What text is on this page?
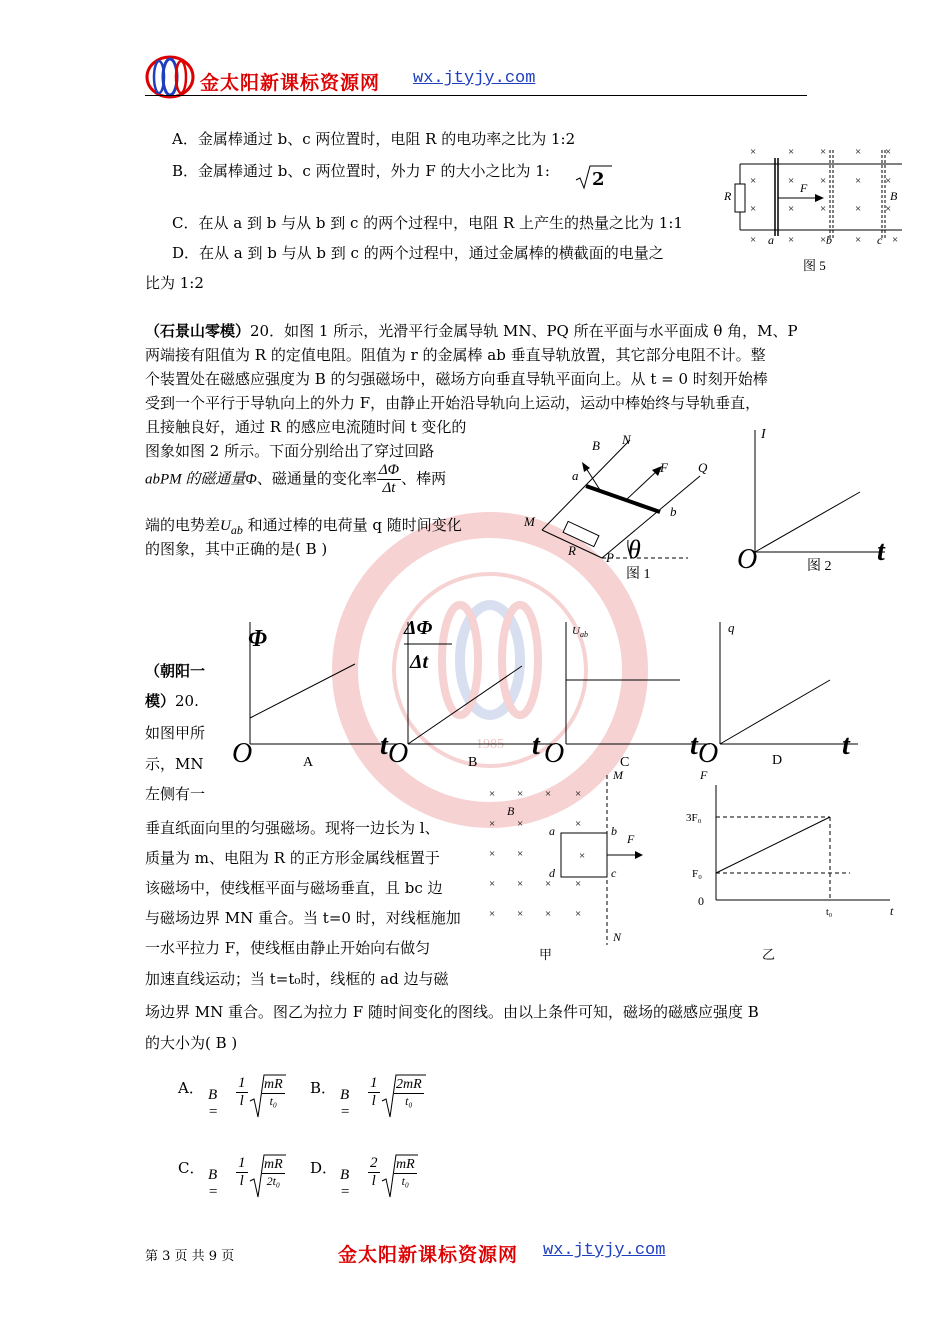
1985
金太阳新课标资源网 wx.jtyjy.com
A．金属棒通过 b、c 两位置时，电阻 R 的电功率之比为 1:2
B．金属棒通过 b、c 两位置时，外力 F 的大小之比为 1:	2
C．在从 a 到 b 与从 b 到 c 的两个过程中，电阻 R 上产生的热量之比为 1:1
D．在从 a 到 b 与从 b 到 c 的两个过程中，通过金属棒的横截面的电量之
比为 1:2
×	× ×	× ×
×	× ×	× ×
×	× ×	× ×
×	×	×
×	×
R
F
B
a	b	c
图 5
（石景山零模）20．如图 1 所示，光滑平行金属导轨 MN、PQ 所在平面与水平面成 θ 角，M、P
两端接有阻值为 R 的定值电阻。阻值为 r 的金属棒 ab 垂直导轨放置，其它部分电阻不计。整
个装置处在磁感应强度为 B 的匀强磁场中，磁场方向垂直导轨平面向上。从 t = 0 时刻开始棒
受到一个平行于导轨向上的外力 F，由静止开始沿导轨向上运动，运动中棒始终与导轨垂直，
且接触良好，通过 R 的感应电流随时间 t 变化的
图象如图 2 所示。下面分别给出了穿过回路
abPM 的磁通量Φ、磁通量的变化率 $\frac{\Delta\Phi}{\Delta t}$ 、棒两
端的电势差$U_{ab}$ 和通过棒的电荷量 q 随时间变化
的图象，其中正确的是( B )
B N
a
F Q
b
M
R P θ
图 1
I
O	t
图 2
Φ
O	t
A
ΔΦ
Δt
O	t
B
$U_{ab}$
O	t
C
q
O	t
D
（朝阳一
模）20.
如图甲所
示，MN
左侧有一
垂直纸面向里的匀强磁场。现将一边长为 l、
质量为 m、电阻为 R 的正方形金属线框置于
该磁场中，使线框平面与磁场垂直，且 bc 边
与磁场边界 MN 重合。当 t=0 时，对线框施加
一水平拉力 F，使线框由静止开始向右做匀
加速直线运动；当 t=t₀时，线框的 ad 边与磁
场边界 MN 重合。图乙为拉力 F 随时间变化的图线。由以上条件可知，磁场的磁感应强度 B
的大小为( B )
× × × ×
× ×	×
× ×
× × × ×
× × × ×
×
M
N
B
a	b
c
d
F
甲
F
3F₀
F₀
0
t₀	t
乙
A． B =
$\frac{1}{l} \frac{mR}{\text{t₀}}$ B． B =
$\frac{1}{l} \frac{2mR}{\text{t₀}}$
C． B =
$\frac{1}{l} \frac{mR}{\text{2t₀}}$ D． B =
$\frac{2}{l} \frac{mR}{\text{t₀}}$
第 3 页 共 9 页	金太阳新课标资源网 wx.jtyjy.com
